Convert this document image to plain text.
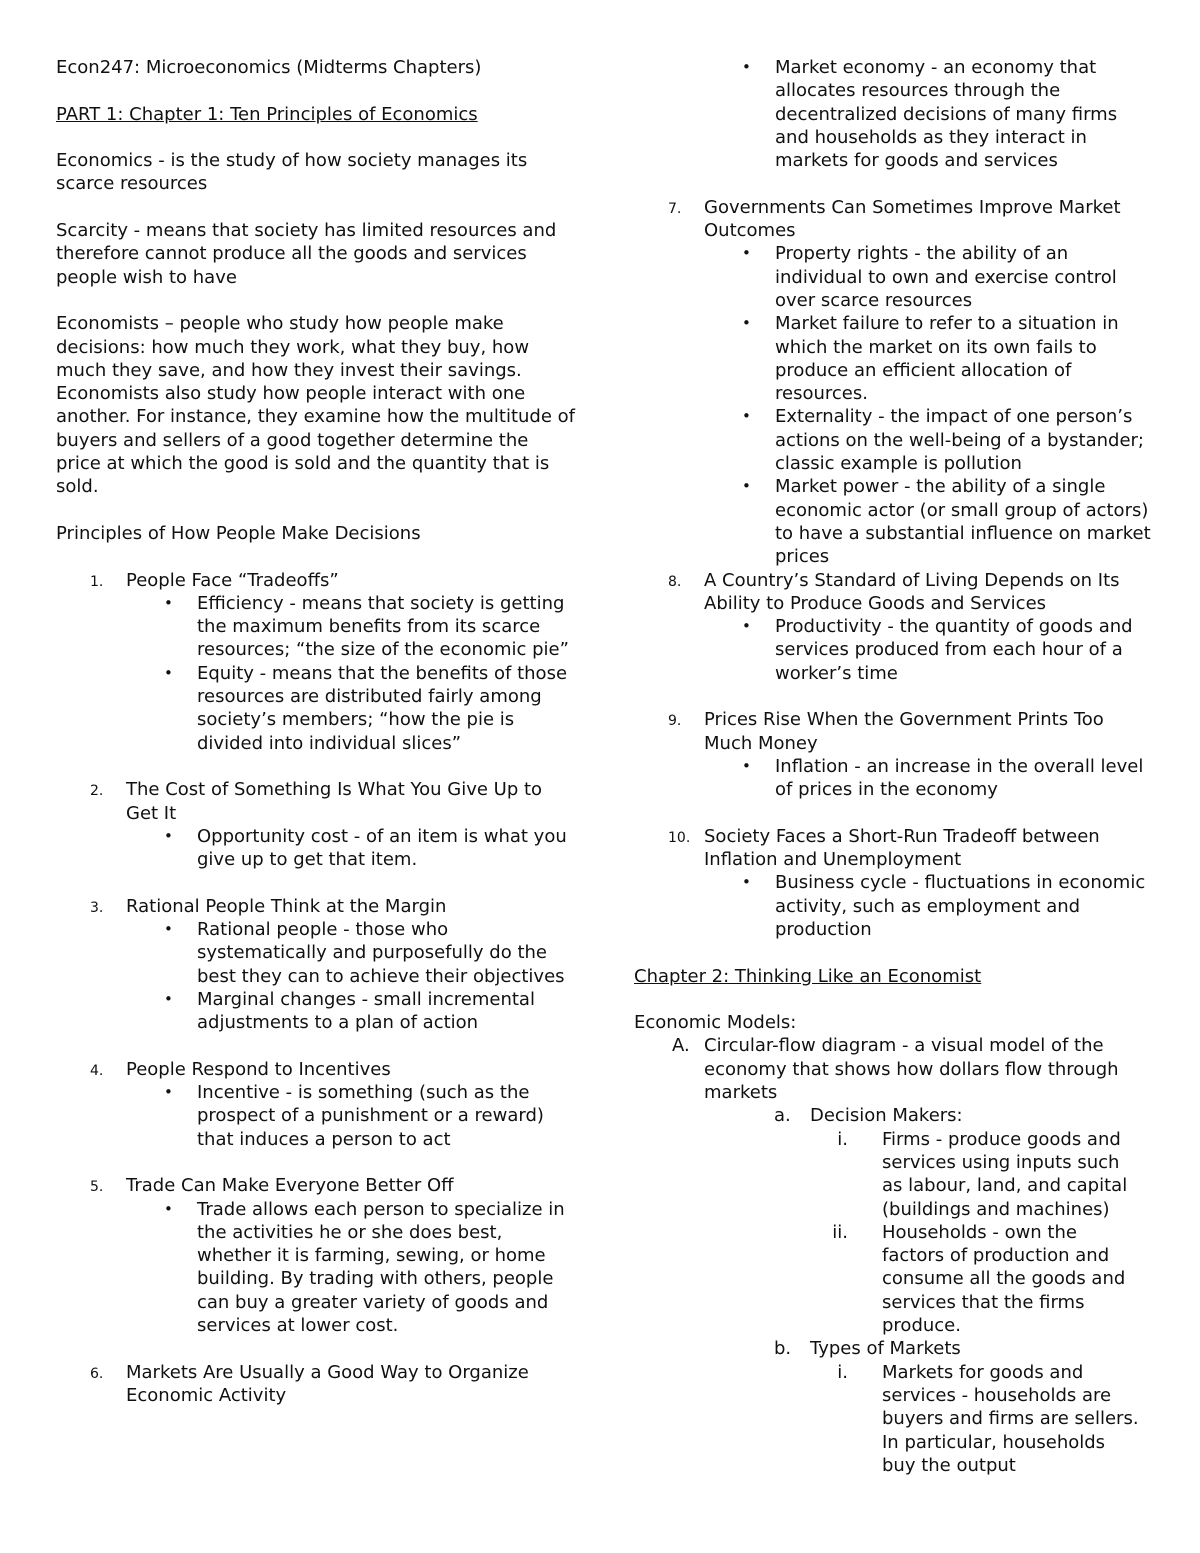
Econ247: Microeconomics (Midterms Chapters)

PART 1: Chapter 1: Ten Principles of Economics

Economics - is the study of how society manages its scarce resources

Scarcity - means that society has limited resources and therefore cannot produce all the goods and services people wish to have

Economists – people who study how people make decisions: how much they work, what they buy, how much they save, and how they invest their savings. Economists also study how people interact with one another. For instance, they examine how the multitude of buyers and sellers of a good together determine the price at which the good is sold and the quantity that is sold.

Principles of How People Make Decisions

1. People Face “Tradeoffs”

• Efficiency - means that society is getting the maximum benefits from its scarce resources; “the size of the economic pie”

• Equity - means that the benefits of those resources are distributed fairly among society’s members; “how the pie is divided into individual slices”

2. The Cost of Something Is What You Give Up to Get It

• Opportunity cost - of an item is what you give up to get that item.

3. Rational People Think at the Margin

• Rational people - those who systematically and purposefully do the best they can to achieve their objectives

• Marginal changes - small incremental adjustments to a plan of action

4. People Respond to Incentives

• Incentive - is something (such as the prospect of a punishment or a reward) that induces a person to act

5. Trade Can Make Everyone Better Off

• Trade allows each person to specialize in the activities he or she does best, whether it is farming, sewing, or home building. By trading with others, people can buy a greater variety of goods and services at lower cost.

6. Markets Are Usually a Good Way to Organize Economic Activity

• Market economy - an economy that allocates resources through the decentralized decisions of many firms and households as they interact in markets for goods and services

7. Governments Can Sometimes Improve Market Outcomes

• Property rights - the ability of an individual to own and exercise control over scarce resources

• Market failure to refer to a situation in which the market on its own fails to produce an efficient allocation of resources.

• Externality - the impact of one person’s actions on the well-being of a bystander; classic example is pollution

• Market power - the ability of a single economic actor (or small group of actors) to have a substantial influence on market prices

8. A Country’s Standard of Living Depends on Its Ability to Produce Goods and Services

• Productivity - the quantity of goods and services produced from each hour of a worker’s time

9. Prices Rise When the Government Prints Too Much Money

• Inflation - an increase in the overall level of prices in the economy

10. Society Faces a Short-Run Tradeoff between Inflation and Unemployment

• Business cycle - fluctuations in economic activity, such as employment and production

Chapter 2: Thinking Like an Economist

Economic Models:

A. Circular-flow diagram - a visual model of the economy that shows how dollars flow through markets

a. Decision Makers:

i. Firms - produce goods and services using inputs such as labour, land, and capital (buildings and machines)

ii. Households - own the factors of production and consume all the goods and services that the firms produce.

b. Types of Markets

i. Markets for goods and services - households are buyers and firms are sellers. In particular, households buy the output
